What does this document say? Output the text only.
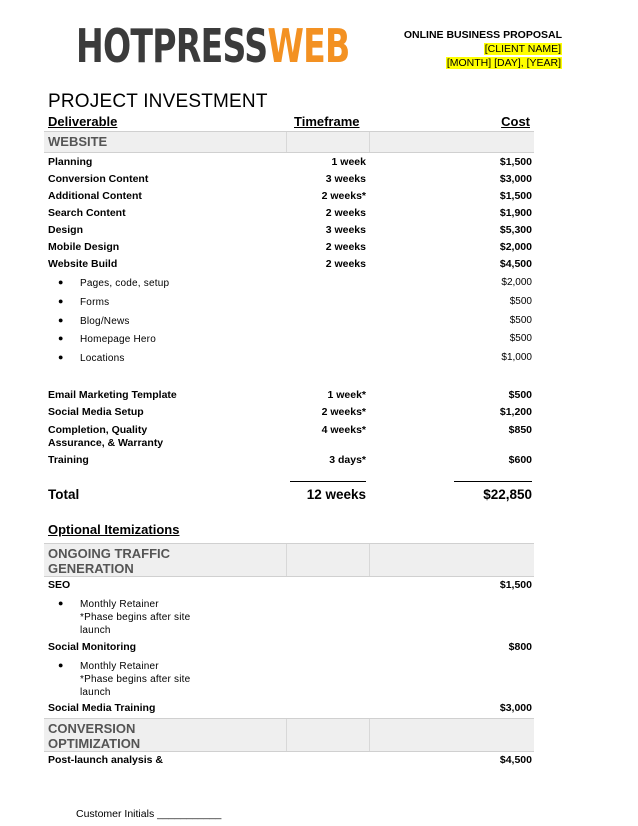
HOTPRESSWEB	ONLINE BUSINESS PROPOSAL
[CLIENT NAME]
[MONTH] [DAY], [YEAR]
PROJECT INVESTMENT
Deliverable	Timeframe	Cost
WEBSITE
Planning	1 week	$1,500
Conversion Content	3 weeks	$3,000
Additional Content	2 weeks*	$1,500
Search Content	2 weeks	$1,900
Design	3 weeks	$5,300
Mobile Design	2 weeks	$2,000
Website Build	2 weeks	$4,500
● Pages, code, setup	$2,000
● Forms	$500
● Blog/News	$500
● Homepage Hero	$500
● Locations	$1,000
Email Marketing Template	1 week*	$500
Social Media Setup	2 weeks*	$1,200
Completion, Quality
Assurance, & Warranty
4 weeks*	$850
Training	3 days*	$600
Total	12 weeks	$22,850
Optional Itemizations
ONGOING TRAFFIC
GENERATION
SEO	$1,500
● Monthly Retainer
*Phase begins after site
launch
Social Monitoring	$800
● Monthly Retainer
*Phase begins after site
launch
Social Media Training	$3,000
CONVERSION
OPTIMIZATION
Post-launch analysis &	$4,500
Customer Initials ___________
